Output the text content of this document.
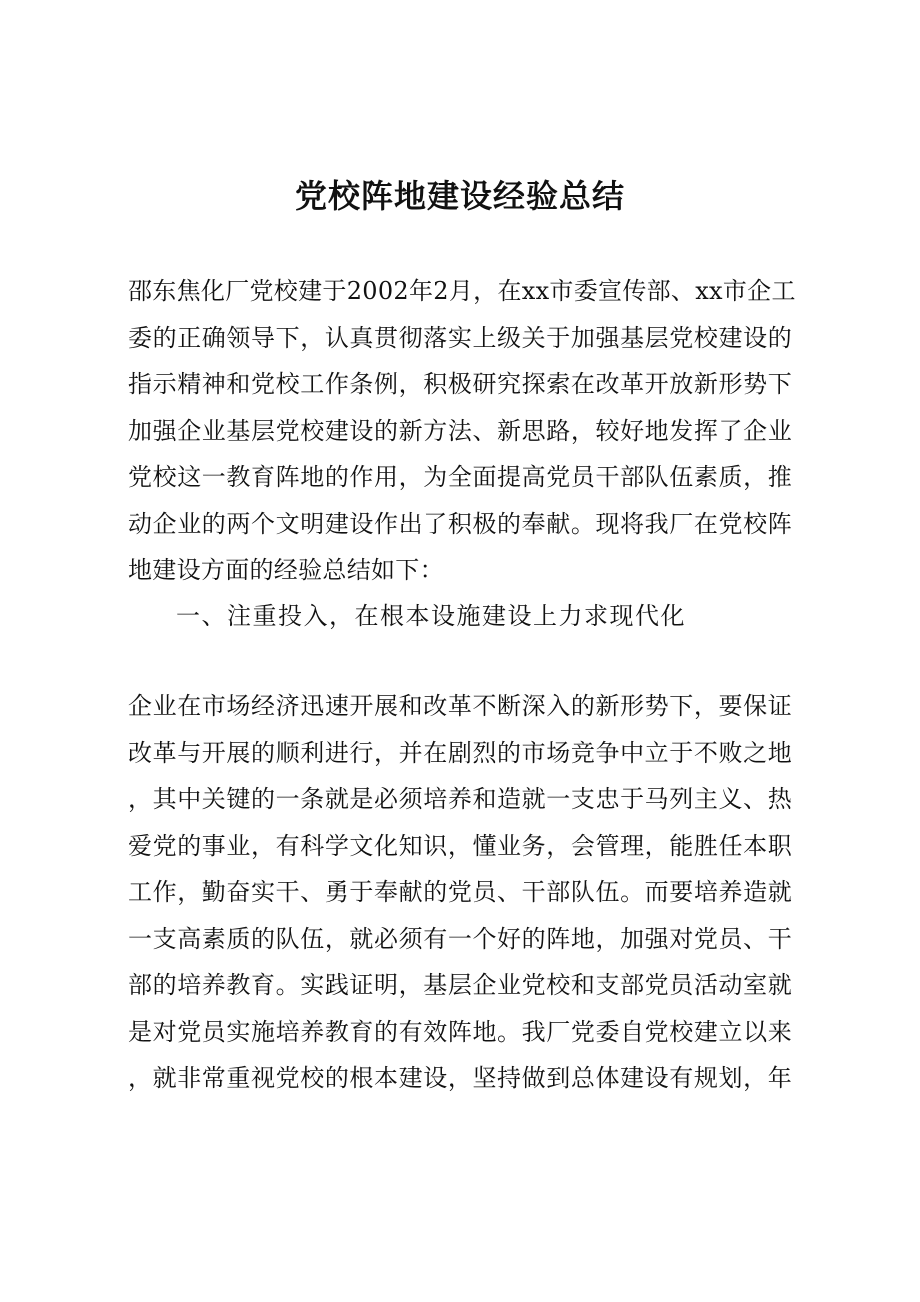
党校阵地建设经验总结
邵东焦化厂党校建于2002年2月，在xx市委宣传部、xx市企工
委的正确领导下，认真贯彻落实上级关于加强基层党校建设的
指示精神和党校工作条例，积极研究探索在改革开放新形势下
加强企业基层党校建设的新方法、新思路，较好地发挥了企业
党校这一教育阵地的作用，为全面提高党员干部队伍素质，推
动企业的两个文明建设作出了积极的奉献。现将我厂在党校阵
地建设方面的经验总结如下：
一、注重投入，在根本设施建设上力求现代化
企业在市场经济迅速开展和改革不断深入的新形势下，要保证
改革与开展的顺利进行，并在剧烈的市场竞争中立于不败之地
，其中关键的一条就是必须培养和造就一支忠于马列主义、热
爱党的事业，有科学文化知识，懂业务，会管理，能胜任本职
工作，勤奋实干、勇于奉献的党员、干部队伍。而要培养造就
一支高素质的队伍，就必须有一个好的阵地，加强对党员、干
部的培养教育。实践证明，基层企业党校和支部党员活动室就
是对党员实施培养教育的有效阵地。我厂党委自党校建立以来
，就非常重视党校的根本建设，坚持做到总体建设有规划，年
